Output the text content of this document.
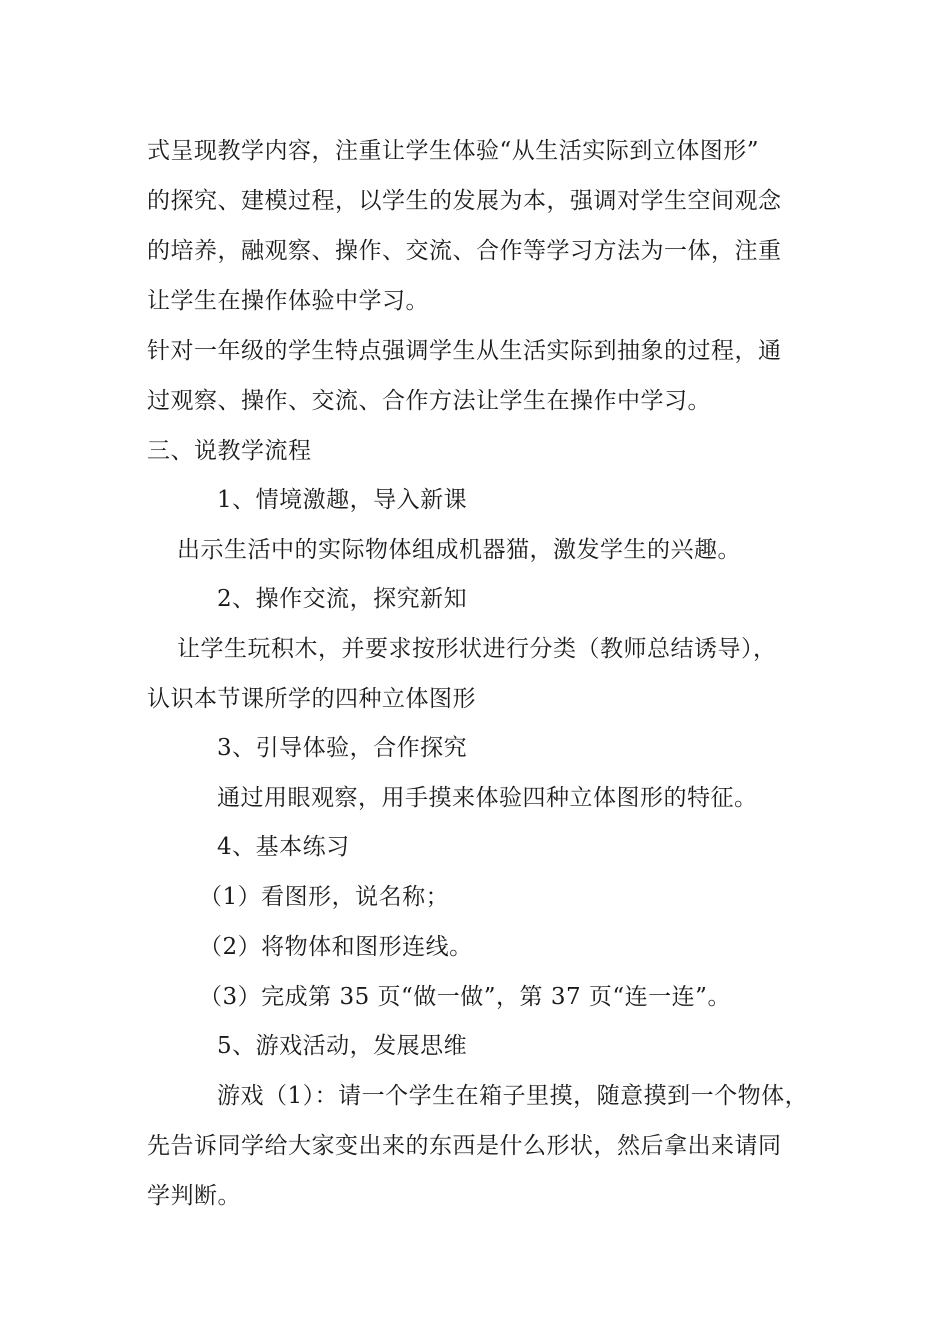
式呈现教学内容，注重让学生体验“从生活实际到立体图形”
的探究、建模过程，以学生的发展为本，强调对学生空间观念
的培养，融观察、操作、交流、合作等学习方法为一体，注重
让学生在操作体验中学习。
针对一年级的学生特点强调学生从生活实际到抽象的过程，通
过观察、操作、交流、合作方法让学生在操作中学习。
三、说教学流程
1、情境激趣，导入新课
出示生活中的实际物体组成机器猫，激发学生的兴趣。
2、操作交流，探究新知
让学生玩积木，并要求按形状进行分类（教师总结诱导），
认识本节课所学的四种立体图形
3、引导体验，合作探究
通过用眼观察，用手摸来体验四种立体图形的特征。
4、基本练习
（1）看图形，说名称；
（2）将物体和图形连线。
（3）完成第 35 页“做一做”，第 37 页“连一连”。
5、游戏活动，发展思维
游戏（1）：请一个学生在箱子里摸，随意摸到一个物体，
先告诉同学给大家变出来的东西是什么形状，然后拿出来请同
学判断。
